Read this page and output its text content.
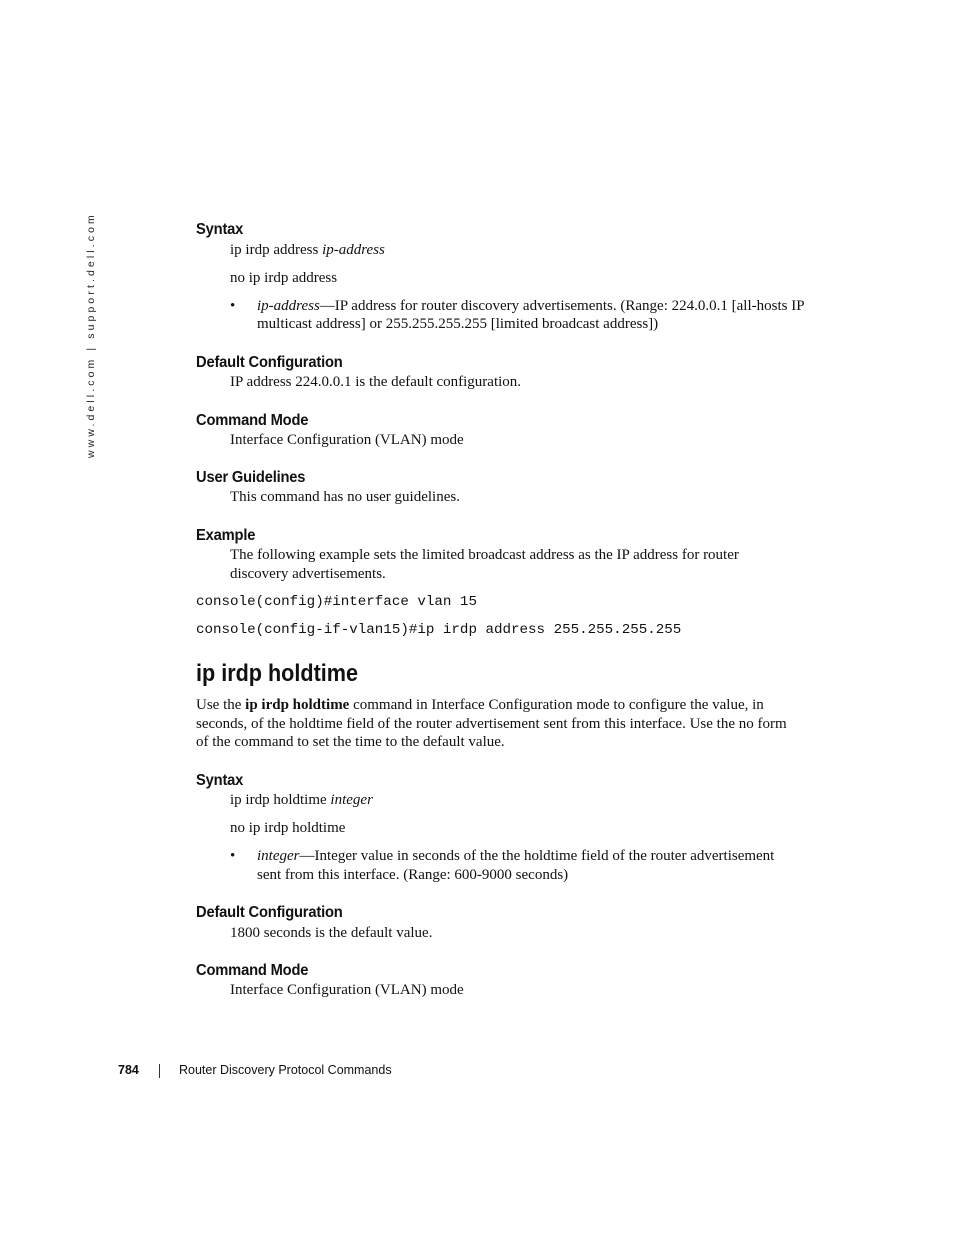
www.dell.com | support.dell.com	Syntax
ip irdp address ip-address
no ip irdp address
• ip-address—IP address for router discovery advertisements. (Range: 224.0.0.1 [all-hosts IP
multicast address] or 255.255.255.255 [limited broadcast address])
Default Configuration
IP address 224.0.0.1 is the default configuration.
Command Mode
Interface Configuration (VLAN) mode
User Guidelines
This command has no user guidelines.
Example
The following example sets the limited broadcast address as the IP address for router
discovery advertisements.
console(config)#interface vlan 15
console(config-if-vlan15)#ip irdp address 255.255.255.255
ip irdp holdtime
Use the ip irdp holdtime command in Interface Configuration mode to configure the value, in
seconds, of the holdtime field of the router advertisement sent from this interface. Use the no form
of the command to set the time to the default value.
Syntax
ip irdp holdtime integer
no ip irdp holdtime
• integer—Integer value in seconds of the the holdtime field of the router advertisement
sent from this interface. (Range: 600-9000 seconds)
Default Configuration
1800 seconds is the default value.
Command Mode
Interface Configuration (VLAN) mode
784	Router Discovery Protocol Commands
